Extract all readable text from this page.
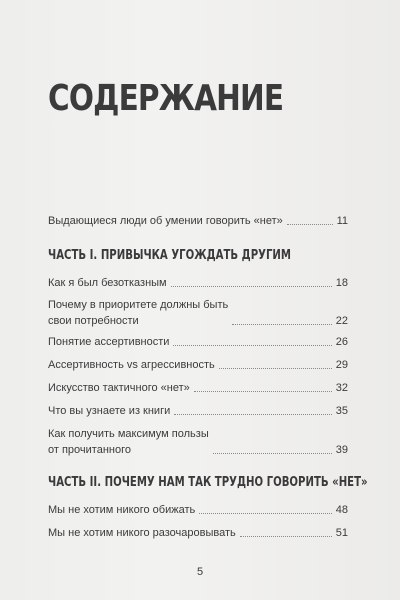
СОДЕРЖАНИЕ
Выдающиеся люди об умении говорить «нет»	11
ЧАСТЬ I. ПРИВЫЧКА УГОЖДАТЬ ДРУГИМ
Как я был безотказным	18
Почему в приоритете должны быть
свои потребности	22
Понятие ассертивности	26
Ассертивность vs агрессивность	29
Искусство тактичного «нет»	32
Что вы узнаете из книги	35
Как получить максимум пользы
от прочитанного	39
ЧАСТЬ II. ПОЧЕМУ НАМ ТАК ТРУДНО ГОВОРИТЬ «НЕТ»
Мы не хотим никого обижать	48
Мы не хотим никого разочаровывать	51
5
